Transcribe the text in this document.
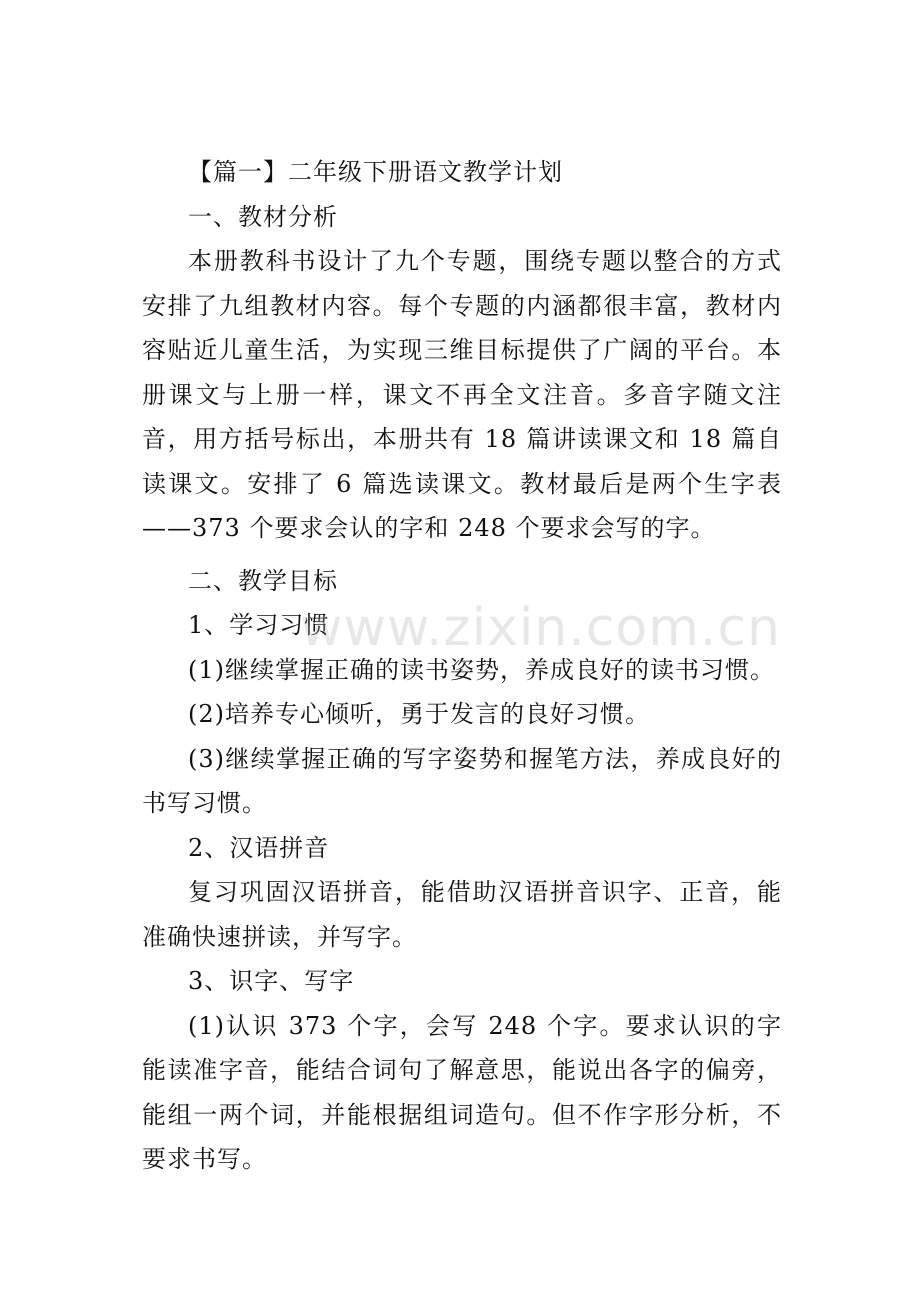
【篇一】二年级下册语文教学计划

一、教材分析

本册教科书设计了九个专题，围绕专题以整合的方式安排了九组教材内容。每个专题的内涵都很丰富，教材内容贴近儿童生活，为实现三维目标提供了广阔的平台。本册课文与上册一样，课文不再全文注音。多音字随文注音，用方括号标出，本册共有 18 篇讲读课文和 18 篇自读课文。安排了 6 篇选读课文。教材最后是两个生字表——373 个要求会认的字和 248 个要求会写的字。

二、教学目标

1、学习习惯

(1)继续掌握正确的读书姿势，养成良好的读书习惯。

(2)培养专心倾听，勇于发言的良好习惯。

(3)继续掌握正确的写字姿势和握笔方法，养成良好的书写习惯。

2、汉语拼音

复习巩固汉语拼音，能借助汉语拼音识字、正音，能准确快速拼读，并写字。

3、识字、写字

(1)认识 373 个字，会写 248 个字。要求认识的字能读准字音，能结合词句了解意思，能说出各字的偏旁，能组一两个词，并能根据组词造句。但不作字形分析，不要求书写。

www.zixin.com.cn
